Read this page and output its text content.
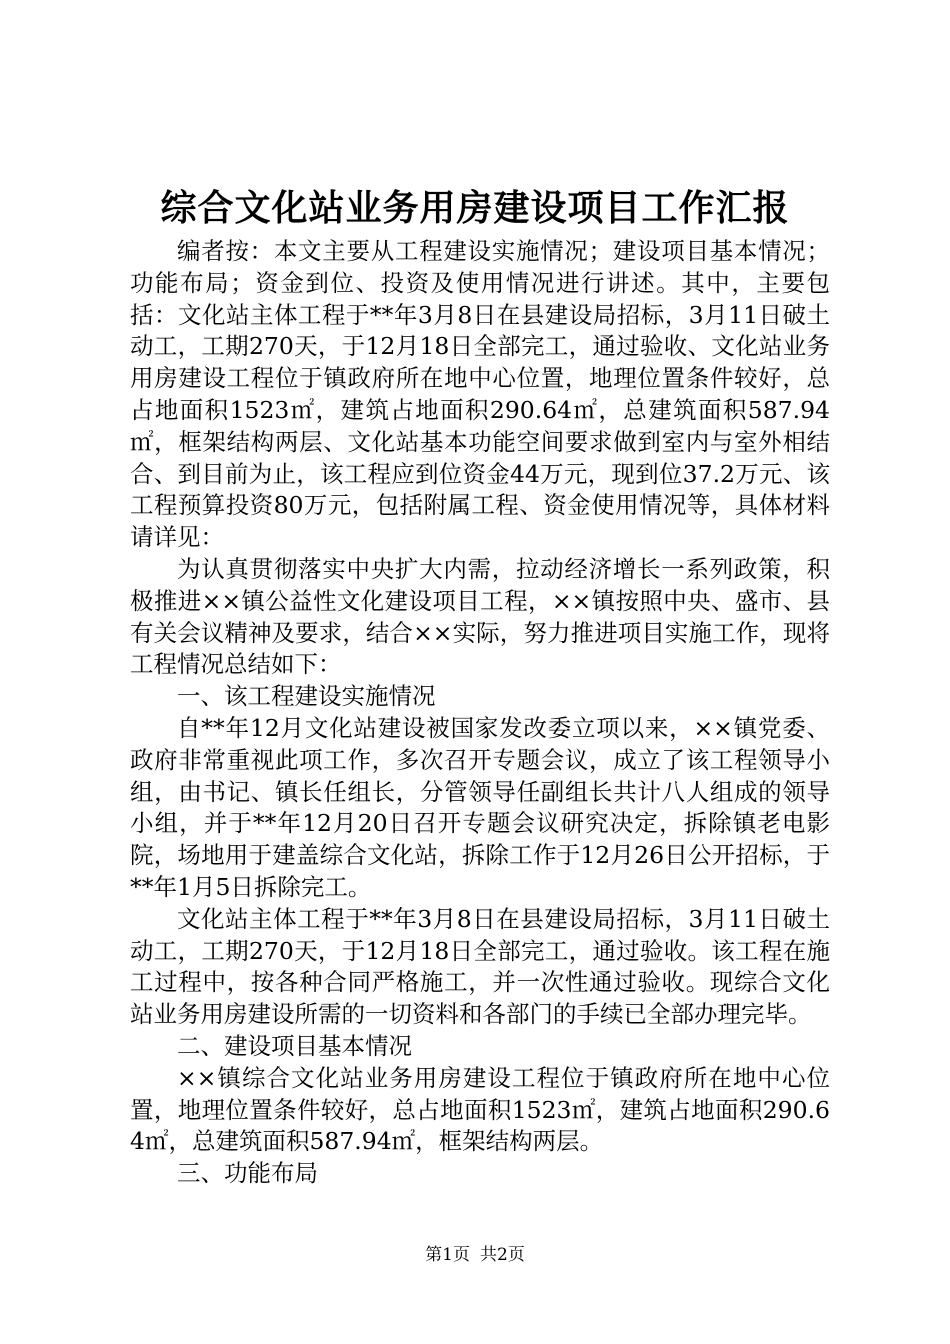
综合文化站业务用房建设项目工作汇报

编者按：本文主要从工程建设实施情况；建设项目基本情况；功能布局；资金到位、投资及使用情况进行讲述。其中，主要包括：文化站主体工程于**年3月8日在县建设局招标，3月11日破土动工，工期270天，于12月18日全部完工，通过验收、文化站业务用房建设工程位于镇政府所在地中心位置，地理位置条件较好，总占地面积1523㎡，建筑占地面积290.64㎡，总建筑面积587.94㎡，框架结构两层、文化站基本功能空间要求做到室内与室外相结合、到目前为止，该工程应到位资金44万元，现到位37.2万元、该工程预算投资80万元，包括附属工程、资金使用情况等，具体材料请详见：

为认真贯彻落实中央扩大内需，拉动经济增长一系列政策，积极推进××镇公益性文化建设项目工程，××镇按照中央、盛市、县有关会议精神及要求，结合××实际，努力推进项目实施工作，现将工程情况总结如下：

一、该工程建设实施情况

自**年12月文化站建设被国家发改委立项以来，××镇党委、政府非常重视此项工作，多次召开专题会议，成立了该工程领导小组，由书记、镇长任组长，分管领导任副组长共计八人组成的领导小组，并于**年12月20日召开专题会议研究决定，拆除镇老电影院，场地用于建盖综合文化站，拆除工作于12月26日公开招标，于**年1月5日拆除完工。

文化站主体工程于**年3月8日在县建设局招标，3月11日破土动工，工期270天，于12月18日全部完工，通过验收。该工程在施工过程中，按各种合同严格施工，并一次性通过验收。现综合文化站业务用房建设所需的一切资料和各部门的手续已全部办理完毕。

二、建设项目基本情况

××镇综合文化站业务用房建设工程位于镇政府所在地中心位置，地理位置条件较好，总占地面积1523㎡，建筑占地面积290.64㎡，总建筑面积587.94㎡，框架结构两层。

三、功能布局

第1页 共2页
